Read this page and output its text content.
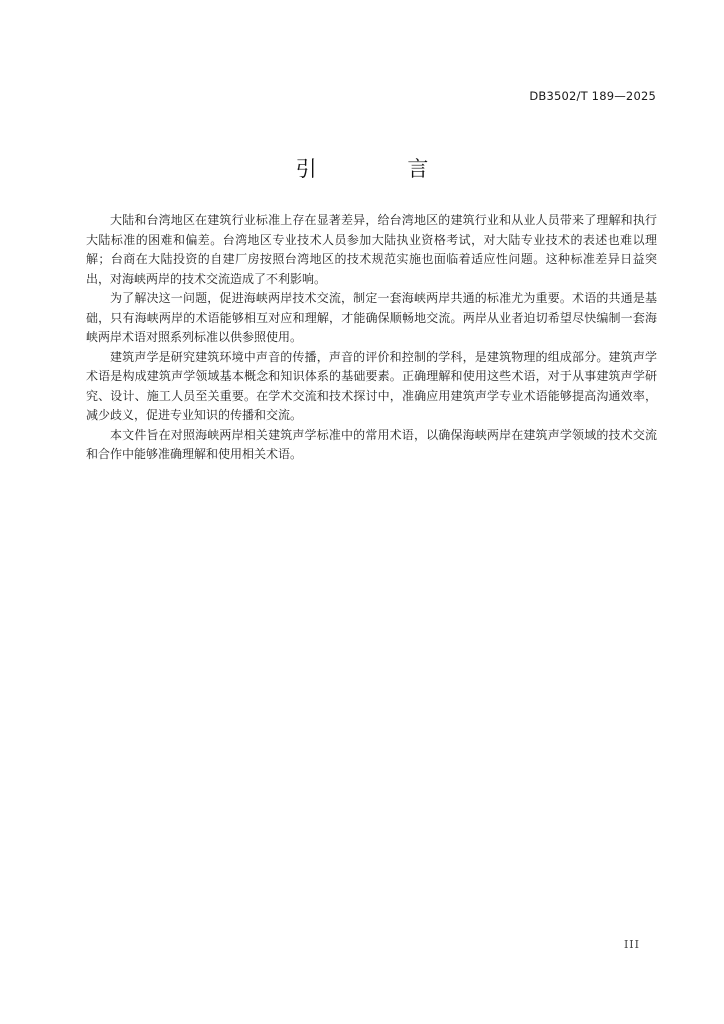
DB3502/T 189—2025
引 言

大陆和台湾地区在建筑行业标准上存在显著差异，给台湾地区的建筑行业和从业人员带来了理解和执行大陆标准的困难和偏差。台湾地区专业技术人员参加大陆执业资格考试，对大陆专业技术的表述也难以理解；台商在大陆投资的自建厂房按照台湾地区的技术规范实施也面临着适应性问题。这种标准差异日益突出，对海峡两岸的技术交流造成了不利影响。

为了解决这一问题，促进海峡两岸技术交流，制定一套海峡两岸共通的标准尤为重要。术语的共通是基础，只有海峡两岸的术语能够相互对应和理解，才能确保顺畅地交流。两岸从业者迫切希望尽快编制一套海峡两岸术语对照系列标准以供参照使用。

建筑声学是研究建筑环境中声音的传播，声音的评价和控制的学科，是建筑物理的组成部分。建筑声学术语是构成建筑声学领域基本概念和知识体系的基础要素。正确理解和使用这些术语，对于从事建筑声学研究、设计、施工人员至关重要。在学术交流和技术探讨中，准确应用建筑声学专业术语能够提高沟通效率，减少歧义，促进专业知识的传播和交流。

本文件旨在对照海峡两岸相关建筑声学标准中的常用术语，以确保海峡两岸在建筑声学领域的技术交流和合作中能够准确理解和使用相关术语。

III
